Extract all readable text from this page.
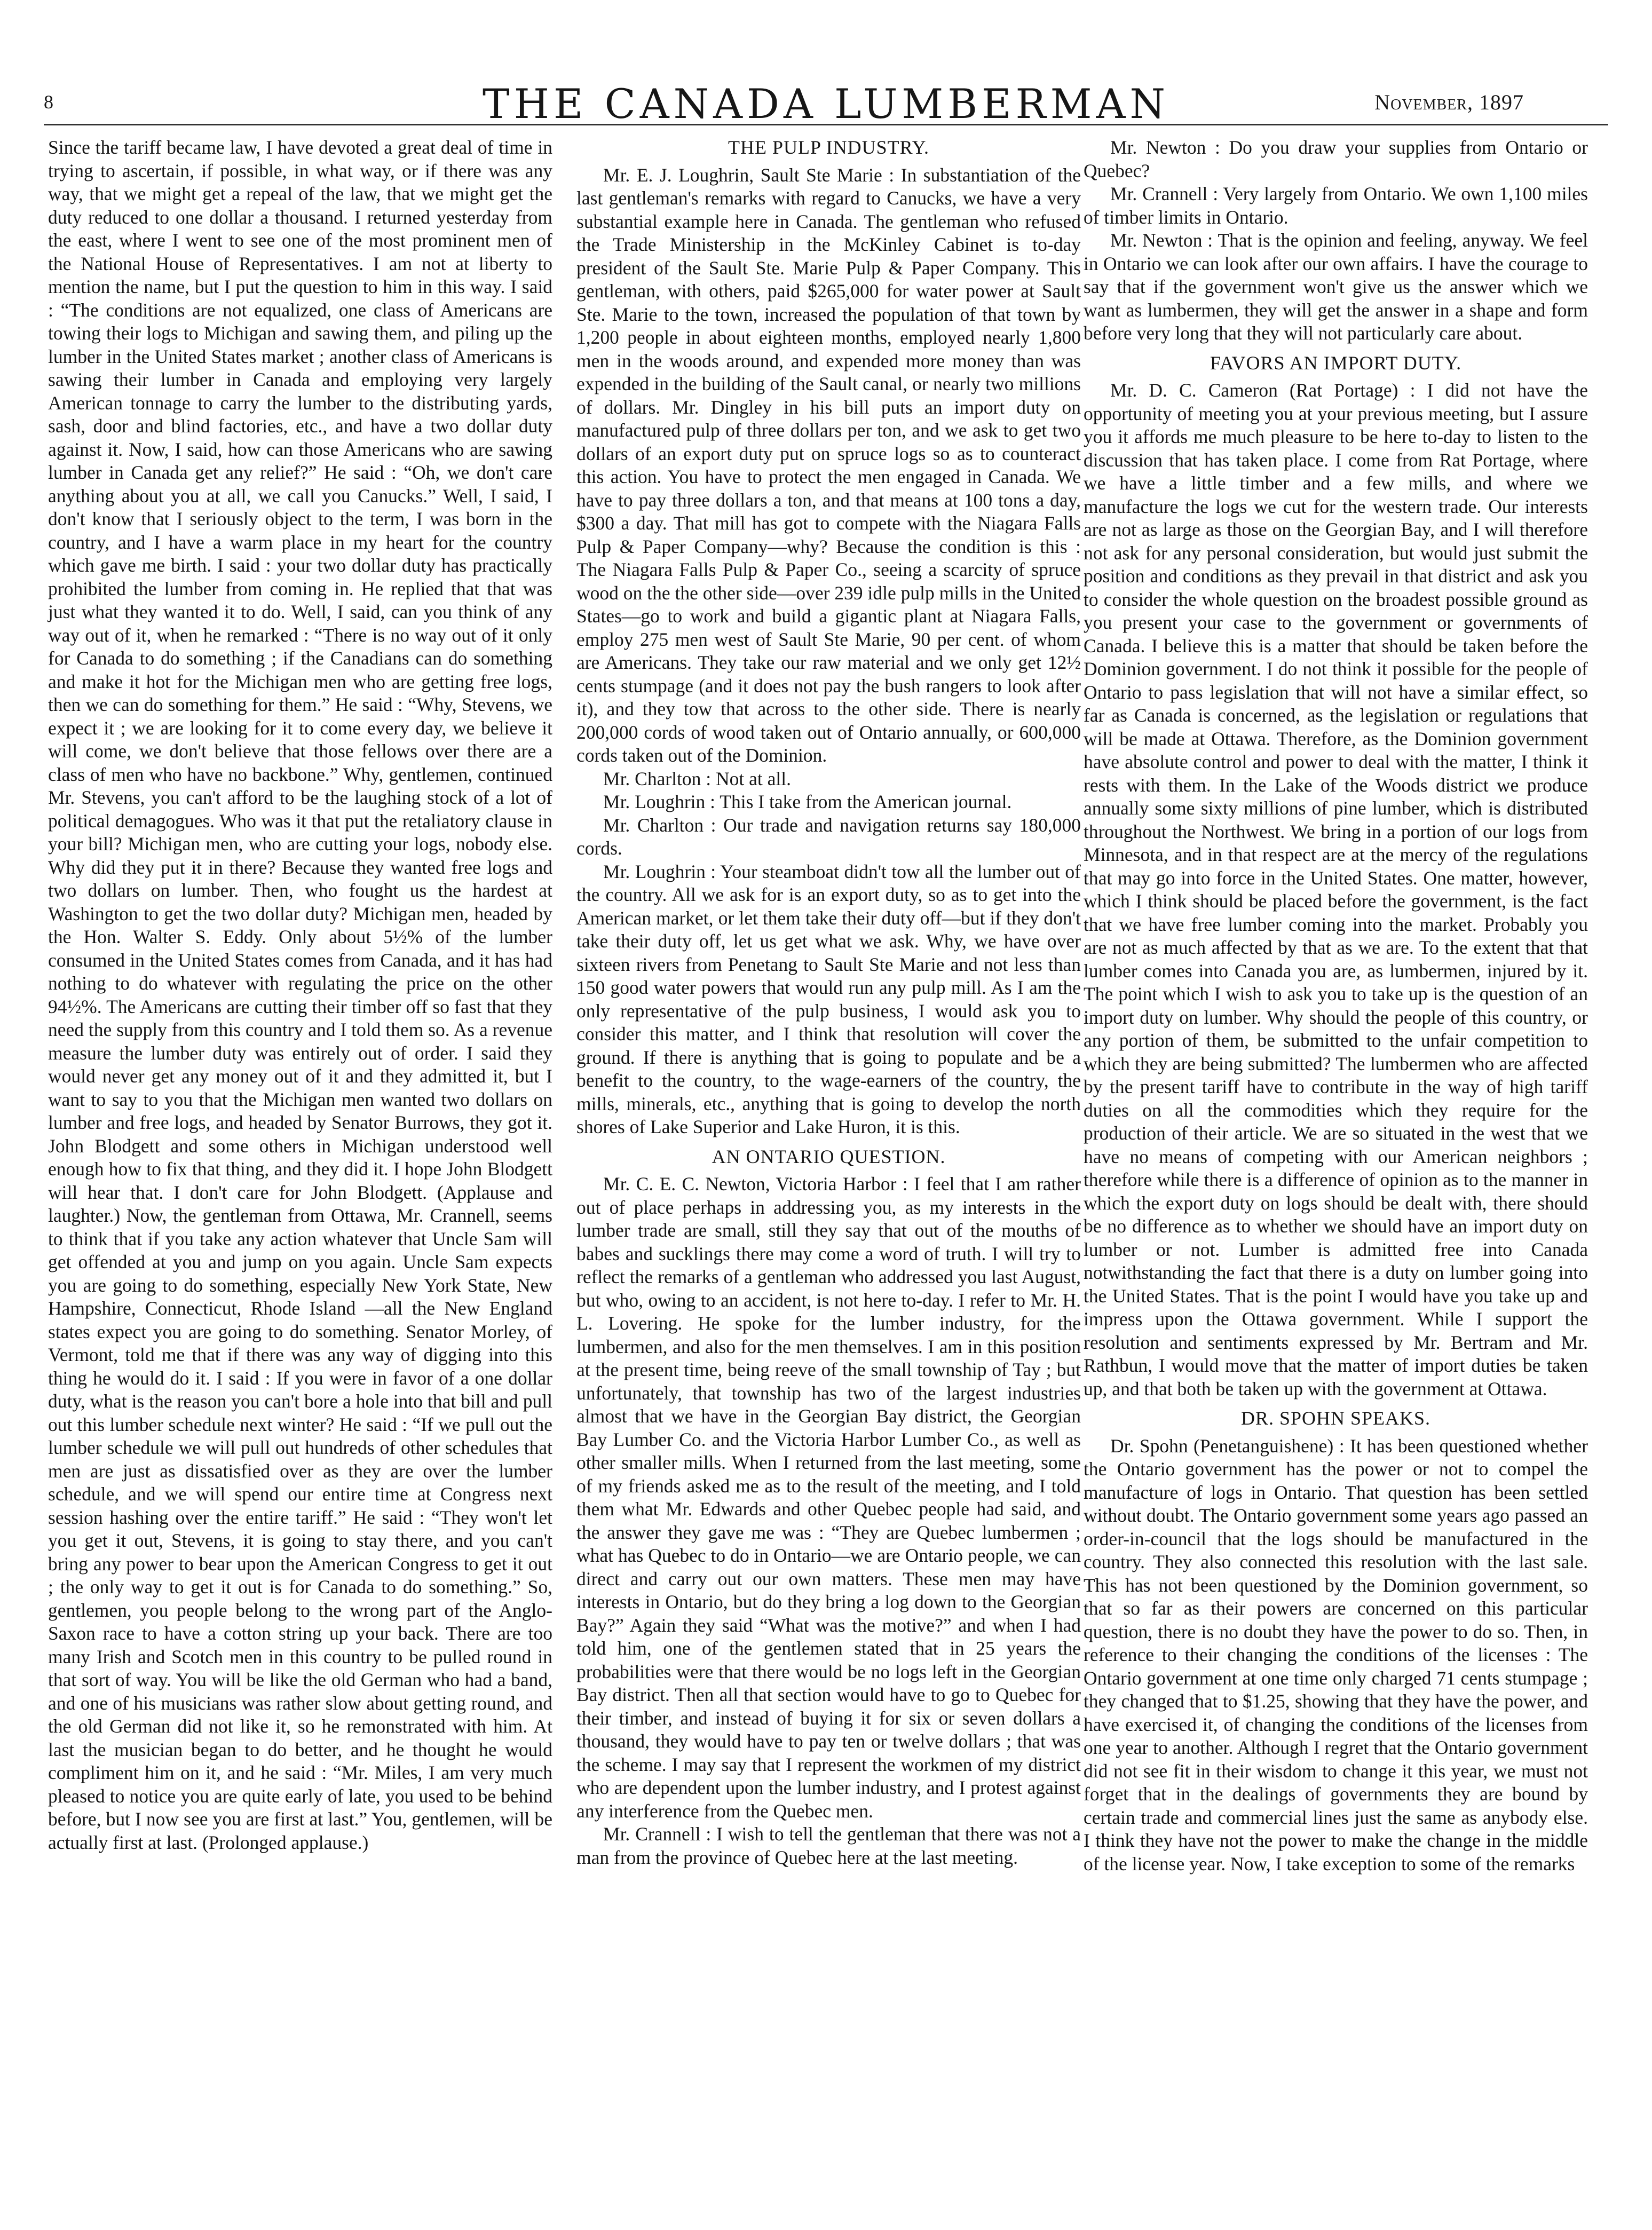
8	THE CANADA LUMBERMAN	November, 1897

Since the tariff became law, I have devoted a great deal of time in trying to ascertain, if possible, in what way, or if there was any way, that we might get a repeal of the law, that we might get the duty reduced to one dollar a thousand. I returned yesterday from the east, where I went to see one of the most prominent men of the National House of Representatives. I am not at liberty to mention the name, but I put the question to him in this way. I said : “The conditions are not equalized, one class of Americans are towing their logs to Michigan and sawing them, and piling up the lumber in the United States market ; another class of Americans is sawing their lumber in Canada and employing very largely American tonnage to carry the lumber to the distributing yards, sash, door and blind factories, etc., and have a two dollar duty against it. Now, I said, how can those Americans who are sawing lumber in Canada get any relief?” He said : “Oh, we don't care anything about you at all, we call you Canucks.” Well, I said, I don't know that I seriously object to the term, I was born in the country, and I have a warm place in my heart for the country which gave me birth. I said : your two dollar duty has practically prohibited the lumber from coming in. He replied that that was just what they wanted it to do. Well, I said, can you think of any way out of it, when he remarked : “There is no way out of it only for Canada to do something ; if the Canadians can do something and make it hot for the Michigan men who are getting free logs, then we can do something for them.” He said : “Why, Stevens, we expect it ; we are looking for it to come every day, we believe it will come, we don't believe that those fellows over there are a class of men who have no backbone.” Why, gentlemen, continued Mr. Stevens, you can't afford to be the laughing stock of a lot of political demagogues. Who was it that put the retaliatory clause in your bill? Michigan men, who are cutting your logs, nobody else. Why did they put it in there? Because they wanted free logs and two dollars on lumber. Then, who fought us the hardest at Washington to get the two dollar duty? Michigan men, headed by the Hon. Walter S. Eddy. Only about 5½% of the lumber consumed in the United States comes from Canada, and it has had nothing to do whatever with regulating the price on the other 94½%. The Americans are cutting their timber off so fast that they need the supply from this country and I told them so. As a revenue measure the lumber duty was entirely out of order. I said they would never get any money out of it and they admitted it, but I want to say to you that the Michigan men wanted two dollars on lumber and free logs, and headed by Senator Burrows, they got it. John Blodgett and some others in Michigan understood well enough how to fix that thing, and they did it. I hope John Blodgett will hear that. I don't care for John Blodgett. (Applause and laughter.) Now, the gentleman from Ottawa, Mr. Crannell, seems to think that if you take any action whatever that Uncle Sam will get offended at you and jump on you again. Uncle Sam expects you are going to do something, especially New York State, New Hampshire, Connecticut, Rhode Island —all the New England states expect you are going to do something. Senator Morley, of Vermont, told me that if there was any way of digging into this thing he would do it. I said : If you were in favor of a one dollar duty, what is the reason you can't bore a hole into that bill and pull out this lumber schedule next winter? He said : “If we pull out the lumber schedule we will pull out hundreds of other schedules that men are just as dissatisfied over as they are over the lumber schedule, and we will spend our entire time at Congress next session hashing over the entire tariff.” He said : “They won't let you get it out, Stevens, it is going to stay there, and you can't bring any power to bear upon the American Congress to get it out ; the only way to get it out is for Canada to do something.” So, gentlemen, you people belong to the wrong part of the Anglo-Saxon race to have a cotton string up your back. There are too many Irish and Scotch men in this country to be pulled round in that sort of way. You will be like the old German who had a band, and one of his musicians was rather slow about getting round, and the old German did not like it, so he remonstrated with him. At last the musician began to do better, and he thought he would compliment him on it, and he said : “Mr. Miles, I am very much pleased to notice you are quite early of late, you used to be behind before, but I now see you are first at last.” You, gentlemen, will be actually first at last. (Prolonged applause.)

THE PULP INDUSTRY.

Mr. E. J. Loughrin, Sault Ste Marie : In substantiation of the last gentleman's remarks with regard to Canucks, we have a very substantial example here in Canada. The gentleman who refused the Trade Ministership in the McKinley Cabinet is to-day president of the Sault Ste. Marie Pulp & Paper Company. This gentleman, with others, paid $265,000 for water power at Sault Ste. Marie to the town, increased the population of that town by 1,200 people in about eighteen months, employed nearly 1,800 men in the woods around, and expended more money than was expended in the building of the Sault canal, or nearly two millions of dollars. Mr. Dingley in his bill puts an import duty on manufactured pulp of three dollars per ton, and we ask to get two dollars of an export duty put on spruce logs so as to counteract this action. You have to protect the men engaged in Canada. We have to pay three dollars a ton, and that means at 100 tons a day, $300 a day. That mill has got to compete with the Niagara Falls Pulp & Paper Company—why? Because the condition is this : The Niagara Falls Pulp & Paper Co., seeing a scarcity of spruce wood on the the other side—over 239 idle pulp mills in the United States—go to work and build a gigantic plant at Niagara Falls, employ 275 men west of Sault Ste Marie, 90 per cent. of whom are Americans. They take our raw material and we only get 12½ cents stumpage (and it does not pay the bush rangers to look after it), and they tow that across to the other side. There is nearly 200,000 cords of wood taken out of Ontario annually, or 600,000 cords taken out of the Dominion.

Mr. Charlton : Not at all.

Mr. Loughrin : This I take from the American journal.

Mr. Charlton : Our trade and navigation returns say 180,000 cords.

Mr. Loughrin : Your steamboat didn't tow all the lumber out of the country. All we ask for is an export duty, so as to get into the American market, or let them take their duty off—but if they don't take their duty off, let us get what we ask. Why, we have over sixteen rivers from Penetang to Sault Ste Marie and not less than 150 good water powers that would run any pulp mill. As I am the only representative of the pulp business, I would ask you to consider this matter, and I think that resolution will cover the ground. If there is anything that is going to populate and be a benefit to the country, to the wage-earners of the country, the mills, minerals, etc., anything that is going to develop the north shores of Lake Superior and Lake Huron, it is this.

AN ONTARIO QUESTION.

Mr. C. E. C. Newton, Victoria Harbor : I feel that I am rather out of place perhaps in addressing you, as my interests in the lumber trade are small, still they say that out of the mouths of babes and sucklings there may come a word of truth. I will try to reflect the remarks of a gentleman who addressed you last August, but who, owing to an accident, is not here to-day. I refer to Mr. H. L. Lovering. He spoke for the lumber industry, for the lumbermen, and also for the men themselves. I am in this position at the present time, being reeve of the small township of Tay ; but unfortunately, that township has two of the largest industries almost that we have in the Georgian Bay district, the Georgian Bay Lumber Co. and the Victoria Harbor Lumber Co., as well as other smaller mills. When I returned from the last meeting, some of my friends asked me as to the result of the meeting, and I told them what Mr. Edwards and other Quebec people had said, and the answer they gave me was : “They are Quebec lumbermen ; what has Quebec to do in Ontario—we are Ontario people, we can direct and carry out our own matters. These men may have interests in Ontario, but do they bring a log down to the Georgian Bay?” Again they said “What was the motive?” and when I had told him, one of the gentlemen stated that in 25 years the probabilities were that there would be no logs left in the Georgian Bay district. Then all that section would have to go to Quebec for their timber, and instead of buying it for six or seven dollars a thousand, they would have to pay ten or twelve dollars ; that was the scheme. I may say that I represent the workmen of my district who are dependent upon the lumber industry, and I protest against any interference from the Quebec men.

Mr. Crannell : I wish to tell the gentleman that there was not a man from the province of Quebec here at the last meeting.

Mr. Newton : Do you draw your supplies from Ontario or Quebec?

Mr. Crannell : Very largely from Ontario. We own 1,100 miles of timber limits in Ontario.

Mr. Newton : That is the opinion and feeling, anyway. We feel in Ontario we can look after our own affairs. I have the courage to say that if the government won't give us the answer which we want as lumbermen, they will get the answer in a shape and form before very long that they will not particularly care about.

FAVORS AN IMPORT DUTY.

Mr. D. C. Cameron (Rat Portage) : I did not have the opportunity of meeting you at your previous meeting, but I assure you it affords me much pleasure to be here to-day to listen to the discussion that has taken place. I come from Rat Portage, where we have a little timber and a few mills, and where we manufacture the logs we cut for the western trade. Our interests are not as large as those on the Georgian Bay, and I will therefore not ask for any personal consideration, but would just submit the position and conditions as they prevail in that district and ask you to consider the whole question on the broadest possible ground as you present your case to the government or governments of Canada. I believe this is a matter that should be taken before the Dominion government. I do not think it possible for the people of Ontario to pass legislation that will not have a similar effect, so far as Canada is concerned, as the legislation or regulations that will be made at Ottawa. Therefore, as the Dominion government have absolute control and power to deal with the matter, I think it rests with them. In the Lake of the Woods district we produce annually some sixty millions of pine lumber, which is distributed throughout the Northwest. We bring in a portion of our logs from Minnesota, and in that respect are at the mercy of the regulations that may go into force in the United States. One matter, however, which I think should be placed before the government, is the fact that we have free lumber coming into the market. Probably you are not as much affected by that as we are. To the extent that that lumber comes into Canada you are, as lumbermen, injured by it. The point which I wish to ask you to take up is the question of an import duty on lumber. Why should the people of this country, or any portion of them, be submitted to the unfair competition to which they are being submitted? The lumbermen who are affected by the present tariff have to contribute in the way of high tariff duties on all the commodities which they require for the production of their article. We are so situated in the west that we have no means of competing with our American neighbors ; therefore while there is a difference of opinion as to the manner in which the export duty on logs should be dealt with, there should be no difference as to whether we should have an import duty on lumber or not. Lumber is admitted free into Canada notwithstanding the fact that there is a duty on lumber going into the United States. That is the point I would have you take up and impress upon the Ottawa government. While I support the resolution and sentiments expressed by Mr. Bertram and Mr. Rathbun, I would move that the matter of import duties be taken up, and that both be taken up with the government at Ottawa.

DR. SPOHN SPEAKS.

Dr. Spohn (Penetanguishene) : It has been questioned whether the Ontario government has the power or not to compel the manufacture of logs in Ontario. That question has been settled without doubt. The Ontario government some years ago passed an order-in-council that the logs should be manufactured in the country. They also connected this resolution with the last sale. This has not been questioned by the Dominion government, so that so far as their powers are concerned on this particular question, there is no doubt they have the power to do so. Then, in reference to their changing the conditions of the licenses : The Ontario government at one time only charged 71 cents stumpage ; they changed that to $1.25, showing that they have the power, and have exercised it, of changing the conditions of the licenses from one year to another. Although I regret that the Ontario government did not see fit in their wisdom to change it this year, we must not forget that in the dealings of governments they are bound by certain trade and commercial lines just the same as anybody else. I think they have not the power to make the change in the middle of the license year. Now, I take exception to some of the remarks
